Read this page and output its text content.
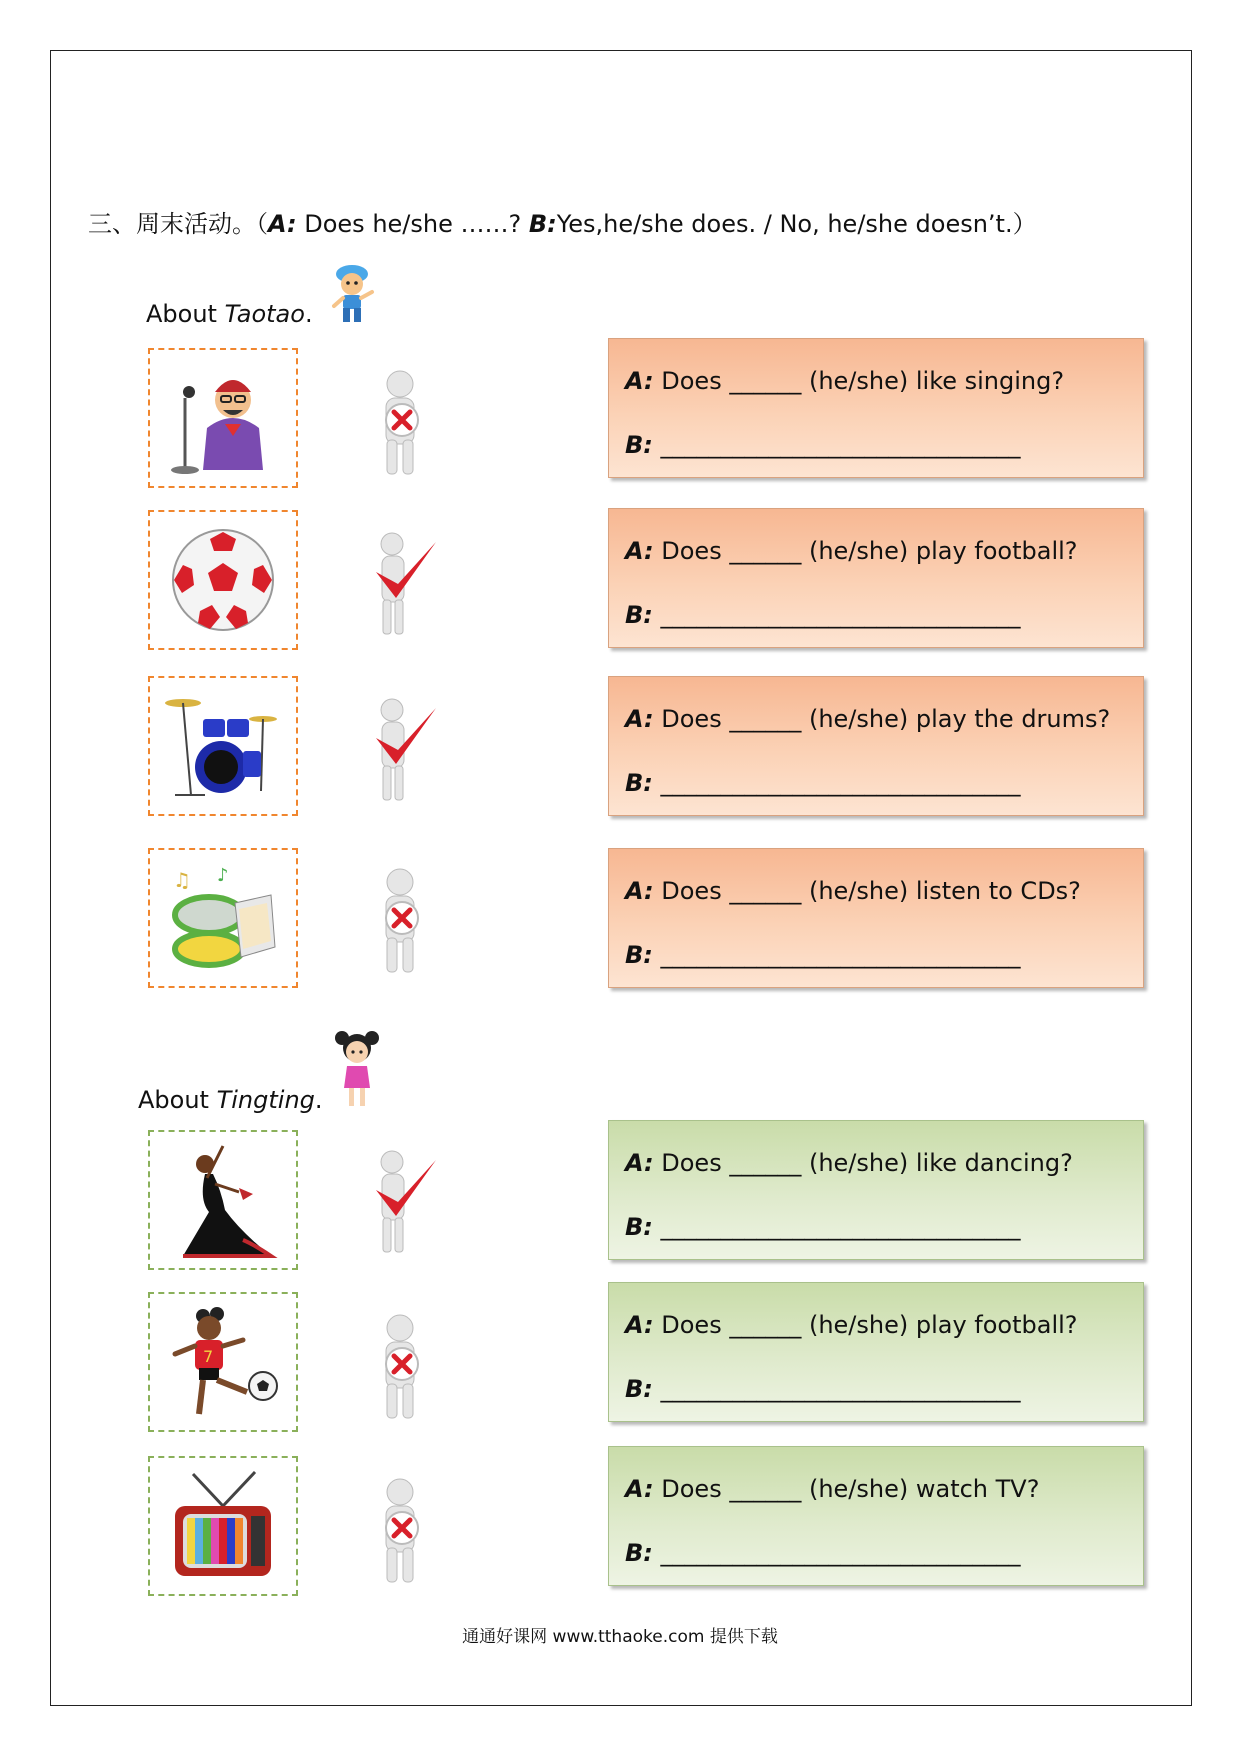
三、周末活动。（A: Does he/she ……? B:Yes,he/she does. / No, he/she doesn’t.）
About Taotao.
A: Does ______ (he/she) like singing?
B: ______________________________
A: Does ______ (he/she) play football?
B: ______________________________
A: Does ______ (he/she) play the drums?
B: ______________________________
♫ ♪
A: Does ______ (he/she) listen to CDs?
B: ______________________________
About Tingting.
A: Does ______ (he/she) like dancing?
B: ______________________________
7
A: Does ______ (he/she) play football?
B: ______________________________
A: Does ______ (he/she) watch TV?
B: ______________________________
通通好课网 www.tthaoke.com 提供下载
